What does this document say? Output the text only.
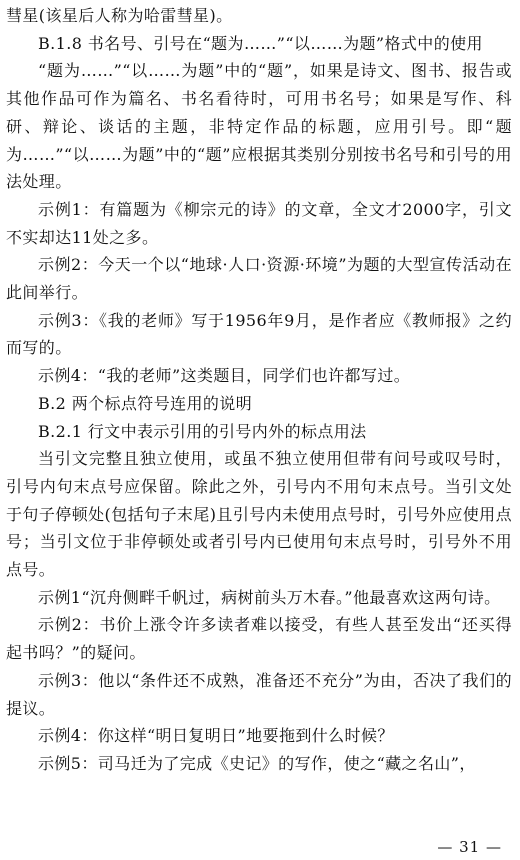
彗星(该星后人称为哈雷彗星)。

B.1.8 书名号、引号在“题为……”“以……为题”格式中的使用

“题为……”“以……为题”中的“题”，如果是诗文、图书、报告或其他作品可作为篇名、书名看待时，可用书名号；如果是写作、科研、辩论、谈话的主题，非特定作品的标题，应用引号。即“题为……”“以……为题”中的“题”应根据其类别分别按书名号和引号的用法处理。

示例1：有篇题为《柳宗元的诗》的文章，全文才2000字，引文不实却达11处之多。

示例2：今天一个以“地球·人口·资源·环境”为题的大型宣传活动在此间举行。

示例3：《我的老师》写于1956年9月，是作者应《教师报》之约而写的。

示例4：“我的老师”这类题目，同学们也许都写过。

B.2 两个标点符号连用的说明

B.2.1 行文中表示引用的引号内外的标点用法

当引文完整且独立使用，或虽不独立使用但带有问号或叹号时，引号内句末点号应保留。除此之外，引号内不用句末点号。当引文处于句子停顿处(包括句子末尾)且引号内未使用点号时，引号外应使用点号；当引文位于非停顿处或者引号内已使用句末点号时，引号外不用点号。

示例1“沉舟侧畔千帆过，病树前头万木春。”他最喜欢这两句诗。

示例2：书价上涨令许多读者难以接受，有些人甚至发出“还买得起书吗？”的疑问。

示例3：他以“条件还不成熟，准备还不充分”为由，否决了我们的提议。

示例4：你这样“明日复明日”地要拖到什么时候？

示例5：司马迁为了完成《史记》的写作，使之“藏之名山”，

— 31 —
